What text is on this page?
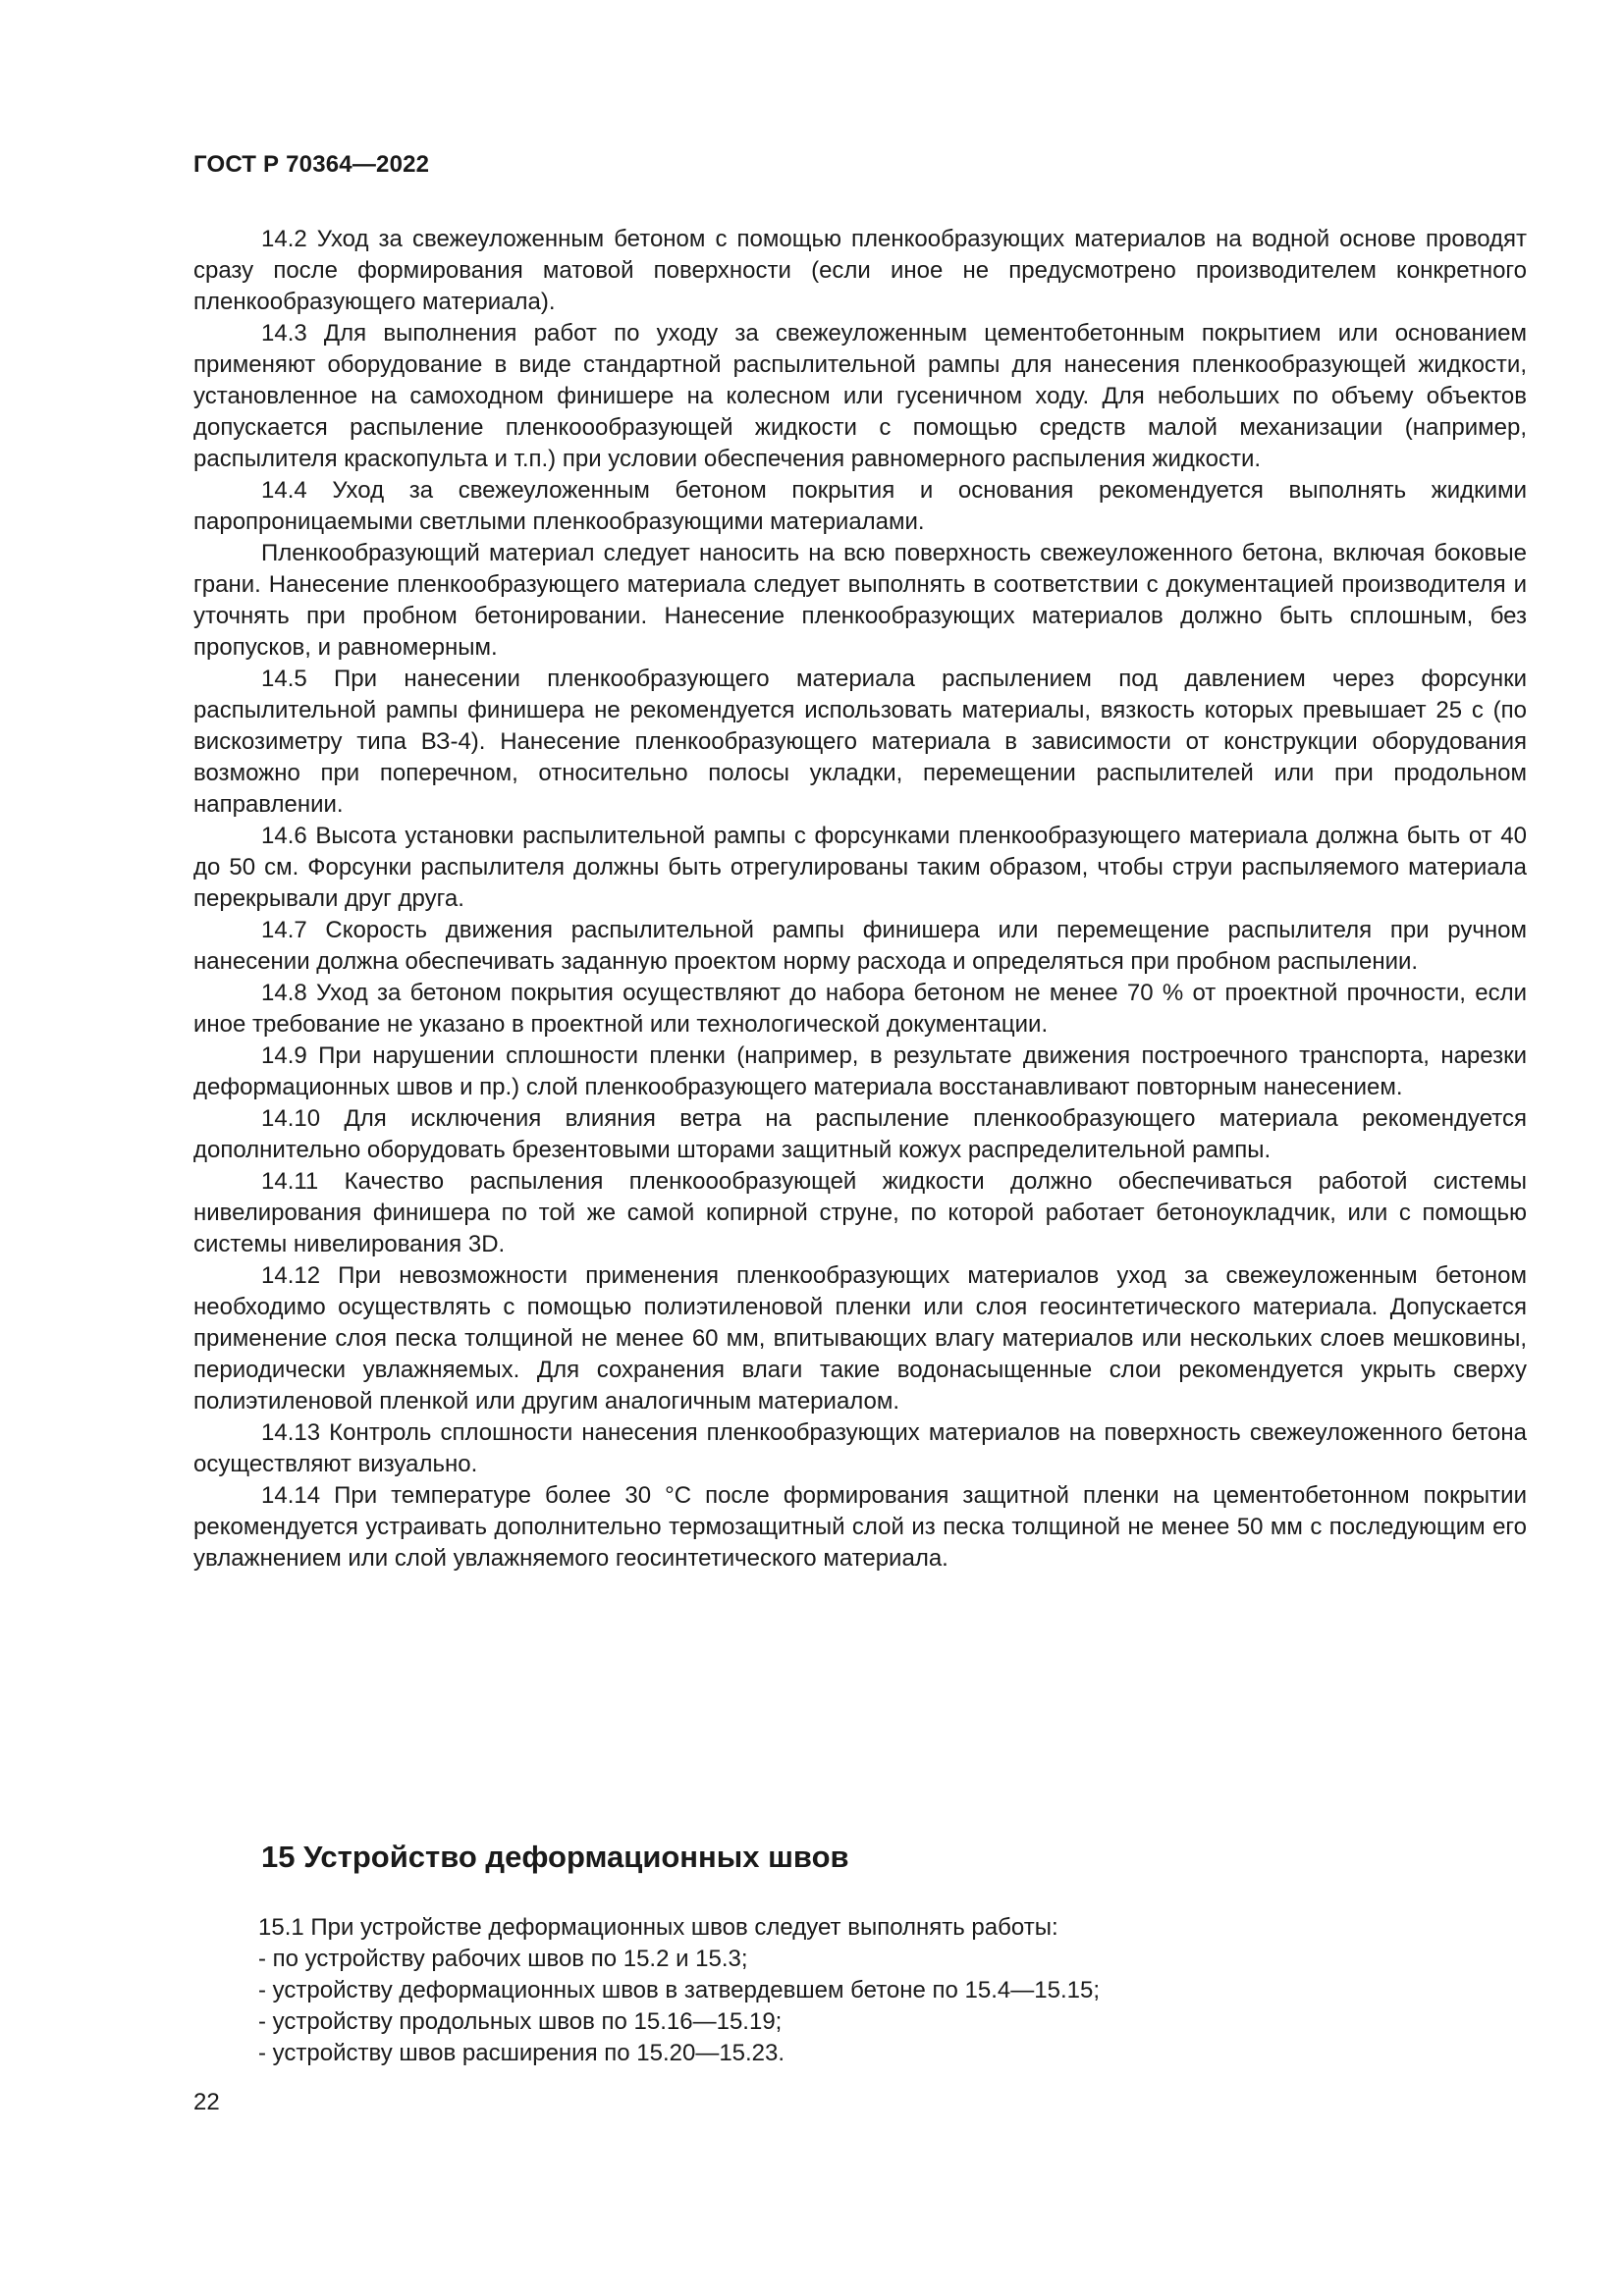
ГОСТ Р 70364—2022

14.2 Уход за свежеуложенным бетоном с помощью пленкообразующих материалов на водной основе проводят сразу после формирования матовой поверхности (если иное не предусмотрено производителем конкретного пленкообразующего материала).

14.3 Для выполнения работ по уходу за свежеуложенным цементобетонным покрытием или основанием применяют оборудование в виде стандартной распылительной рампы для нанесения пленкообразующей жидкости, установленное на самоходном финишере на колесном или гусеничном ходу. Для небольших по объему объектов допускается распыление пленкоообразующей жидкости с помощью средств малой механизации (например, распылителя краскопульта и т.п.) при условии обеспечения равномерного распыления жидкости.

14.4 Уход за свежеуложенным бетоном покрытия и основания рекомендуется выполнять жидкими паропроницаемыми светлыми пленкообразующими материалами.

Пленкообразующий материал следует наносить на всю поверхность свежеуложенного бетона, включая боковые грани. Нанесение пленкообразующего материала следует выполнять в соответствии с документацией производителя и уточнять при пробном бетонировании. Нанесение пленкообразующих материалов должно быть сплошным, без пропусков, и равномерным.

14.5 При нанесении пленкообразующего материала распылением под давлением через форсунки распылительной рампы финишера не рекомендуется использовать материалы, вязкость которых превышает 25 с (по вискозиметру типа ВЗ-4). Нанесение пленкообразующего материала в зависимости от конструкции оборудования возможно при поперечном, относительно полосы укладки, перемещении распылителей или при продольном направлении.

14.6 Высота установки распылительной рампы с форсунками пленкообразующего материала должна быть от 40 до 50 см. Форсунки распылителя должны быть отрегулированы таким образом, чтобы струи распыляемого материала перекрывали друг друга.

14.7 Скорость движения распылительной рампы финишера или перемещение распылителя при ручном нанесении должна обеспечивать заданную проектом норму расхода и определяться при пробном распылении.

14.8 Уход за бетоном покрытия осуществляют до набора бетоном не менее 70 % от проектной прочности, если иное требование не указано в проектной или технологической документации.

14.9 При нарушении сплошности пленки (например, в результате движения построечного транспорта, нарезки деформационных швов и пр.) слой пленкообразующего материала восстанавливают повторным нанесением.

14.10 Для исключения влияния ветра на распыление пленкообразующего материала рекомендуется дополнительно оборудовать брезентовыми шторами защитный кожух распределительной рампы.

14.11 Качество распыления пленкоообразующей жидкости должно обеспечиваться работой системы нивелирования финишера по той же самой копирной струне, по которой работает бетоноукладчик, или с помощью системы нивелирования 3D.

14.12 При невозможности применения пленкообразующих материалов уход за свежеуложенным бетоном необходимо осуществлять с помощью полиэтиленовой пленки или слоя геосинтетического материала. Допускается применение слоя песка толщиной не менее 60 мм, впитывающих влагу материалов или нескольких слоев мешковины, периодически увлажняемых. Для сохранения влаги такие водонасыщенные слои рекомендуется укрыть сверху полиэтиленовой пленкой или другим аналогичным материалом.

14.13 Контроль сплошности нанесения пленкообразующих материалов на поверхность свежеуложенного бетона осуществляют визуально.

14.14 При температуре более 30 °С после формирования защитной пленки на цементобетонном покрытии рекомендуется устраивать дополнительно термозащитный слой из песка толщиной не менее 50 мм с последующим его увлажнением или слой увлажняемого геосинтетического материала.

15 Устройство деформационных швов

15.1 При устройстве деформационных швов следует выполнять работы:

- по устройству рабочих швов по 15.2 и 15.3;
- устройству деформационных швов в затвердевшем бетоне по 15.4—15.15;
- устройству продольных швов по 15.16—15.19;
- устройству швов расширения по 15.20—15.23.
22
